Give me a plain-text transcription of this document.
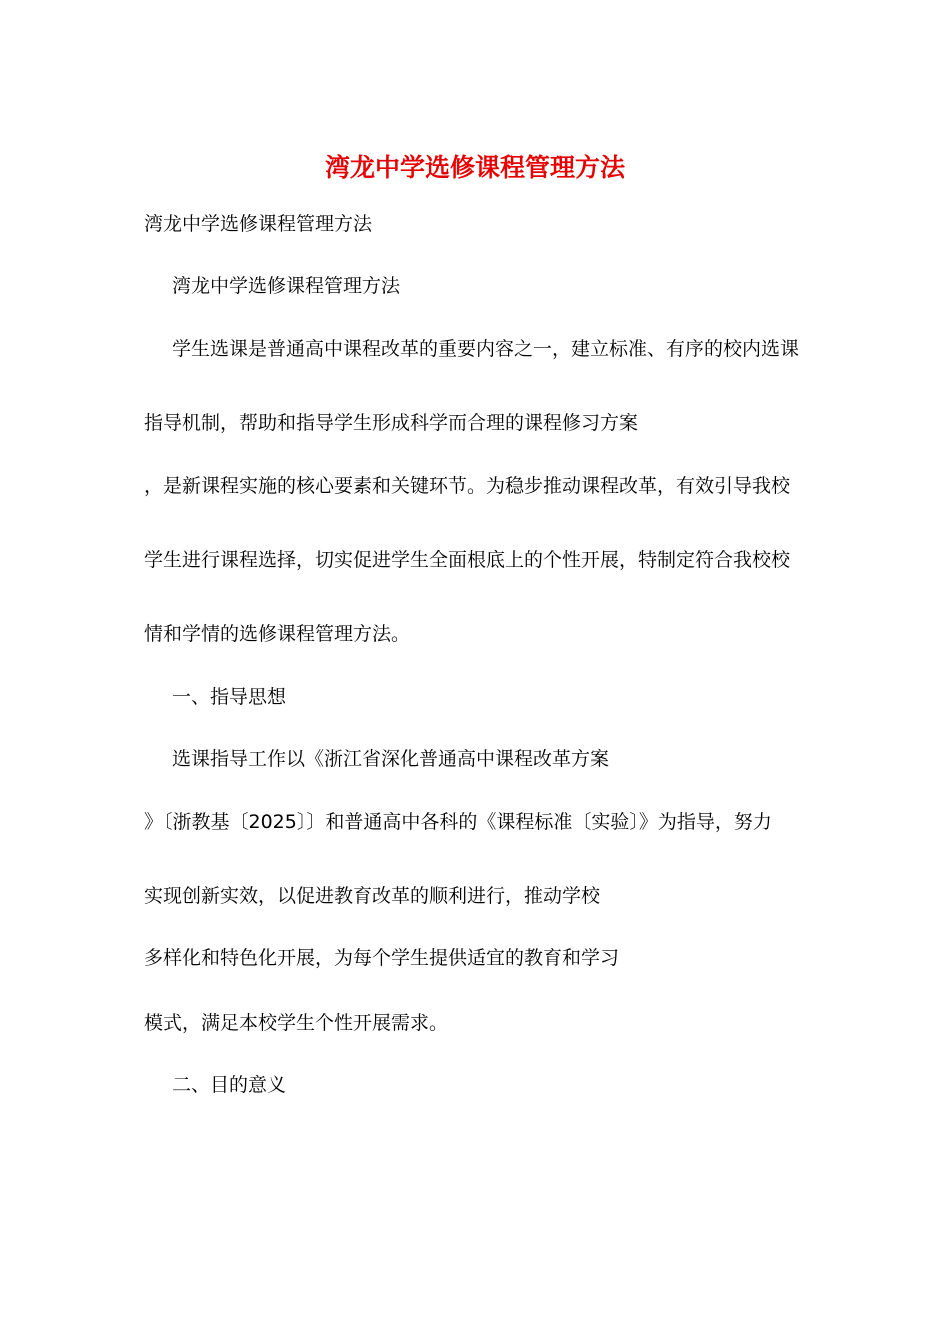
湾龙中学选修课程管理方法
湾龙中学选修课程管理方法
湾龙中学选修课程管理方法
学生选课是普通高中课程改革的重要内容之一，建立标准、有序的校内选课
指导机制，帮助和指导学生形成科学而合理的课程修习方案
，是新课程实施的核心要素和关键环节。为稳步推动课程改革，有效引导我校
学生进行课程选择，切实促进学生全面根底上的个性开展，特制定符合我校校
情和学情的选修课程管理方法。
一、指导思想
选课指导工作以《浙江省深化普通高中课程改革方案
》〔浙教基〔2025〕〕和普通高中各科的《课程标准〔实验〕》为指导，努力
实现创新实效，以促进教育改革的顺利进行，推动学校
多样化和特色化开展，为每个学生提供适宜的教育和学习
模式，满足本校学生个性开展需求。
二、目的意义
